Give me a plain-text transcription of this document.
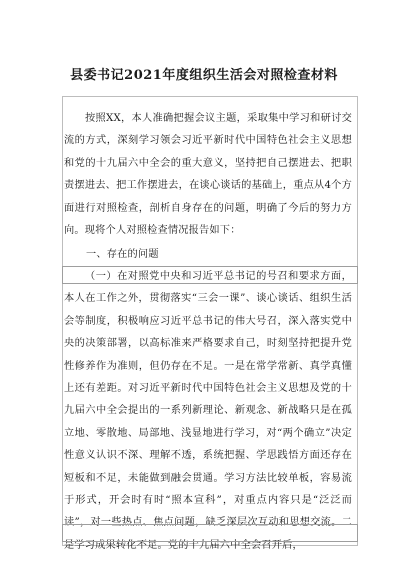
县委书记2021年度组织生活会对照检查材料

按照XX，本人准确把握会议主题，采取集中学习和研讨交流的方式，深刻学习领会习近平新时代中国特色社会主义思想和党的十九届六中全会的重大意义，坚持把自己摆进去、把职责摆进去、把工作摆进去，在谈心谈话的基础上，重点从4个方面进行对照检查，剖析自身存在的问题，明确了今后的努力方向。现将个人对照检查情况报告如下：

一、存在的问题

（一）在对照党中央和习近平总书记的号召和要求方面，本人在工作之外，贯彻落实“三会一课”、谈心谈话、组织生活会等制度，积极响应习近平总书记的伟大号召，深入落实党中央的决策部署，以高标准来严格要求自己，时刻坚持把提升党性修养作为准则，但仍存在不足。一是在常学常新、真学真懂上还有差距。对习近平新时代中国特色社会主义思想及党的十九届六中全会提出的一系列新理论、新观念、新战略只是在孤立地、零散地、局部地、浅显地进行学习，对“两个确立”决定性意义认识不深、理解不透，系统把握、学思践悟方面还存在短板和不足，未能做到融会贯通。学习方法比较单板，容易流于形式，开会时有时“照本宣科”，对重点内容只是“泛泛而读”，对一些热点、焦点问题，缺乏深层次互动和思想交流。二是学习成果转化不足。党的十九届六中全会召开后，
